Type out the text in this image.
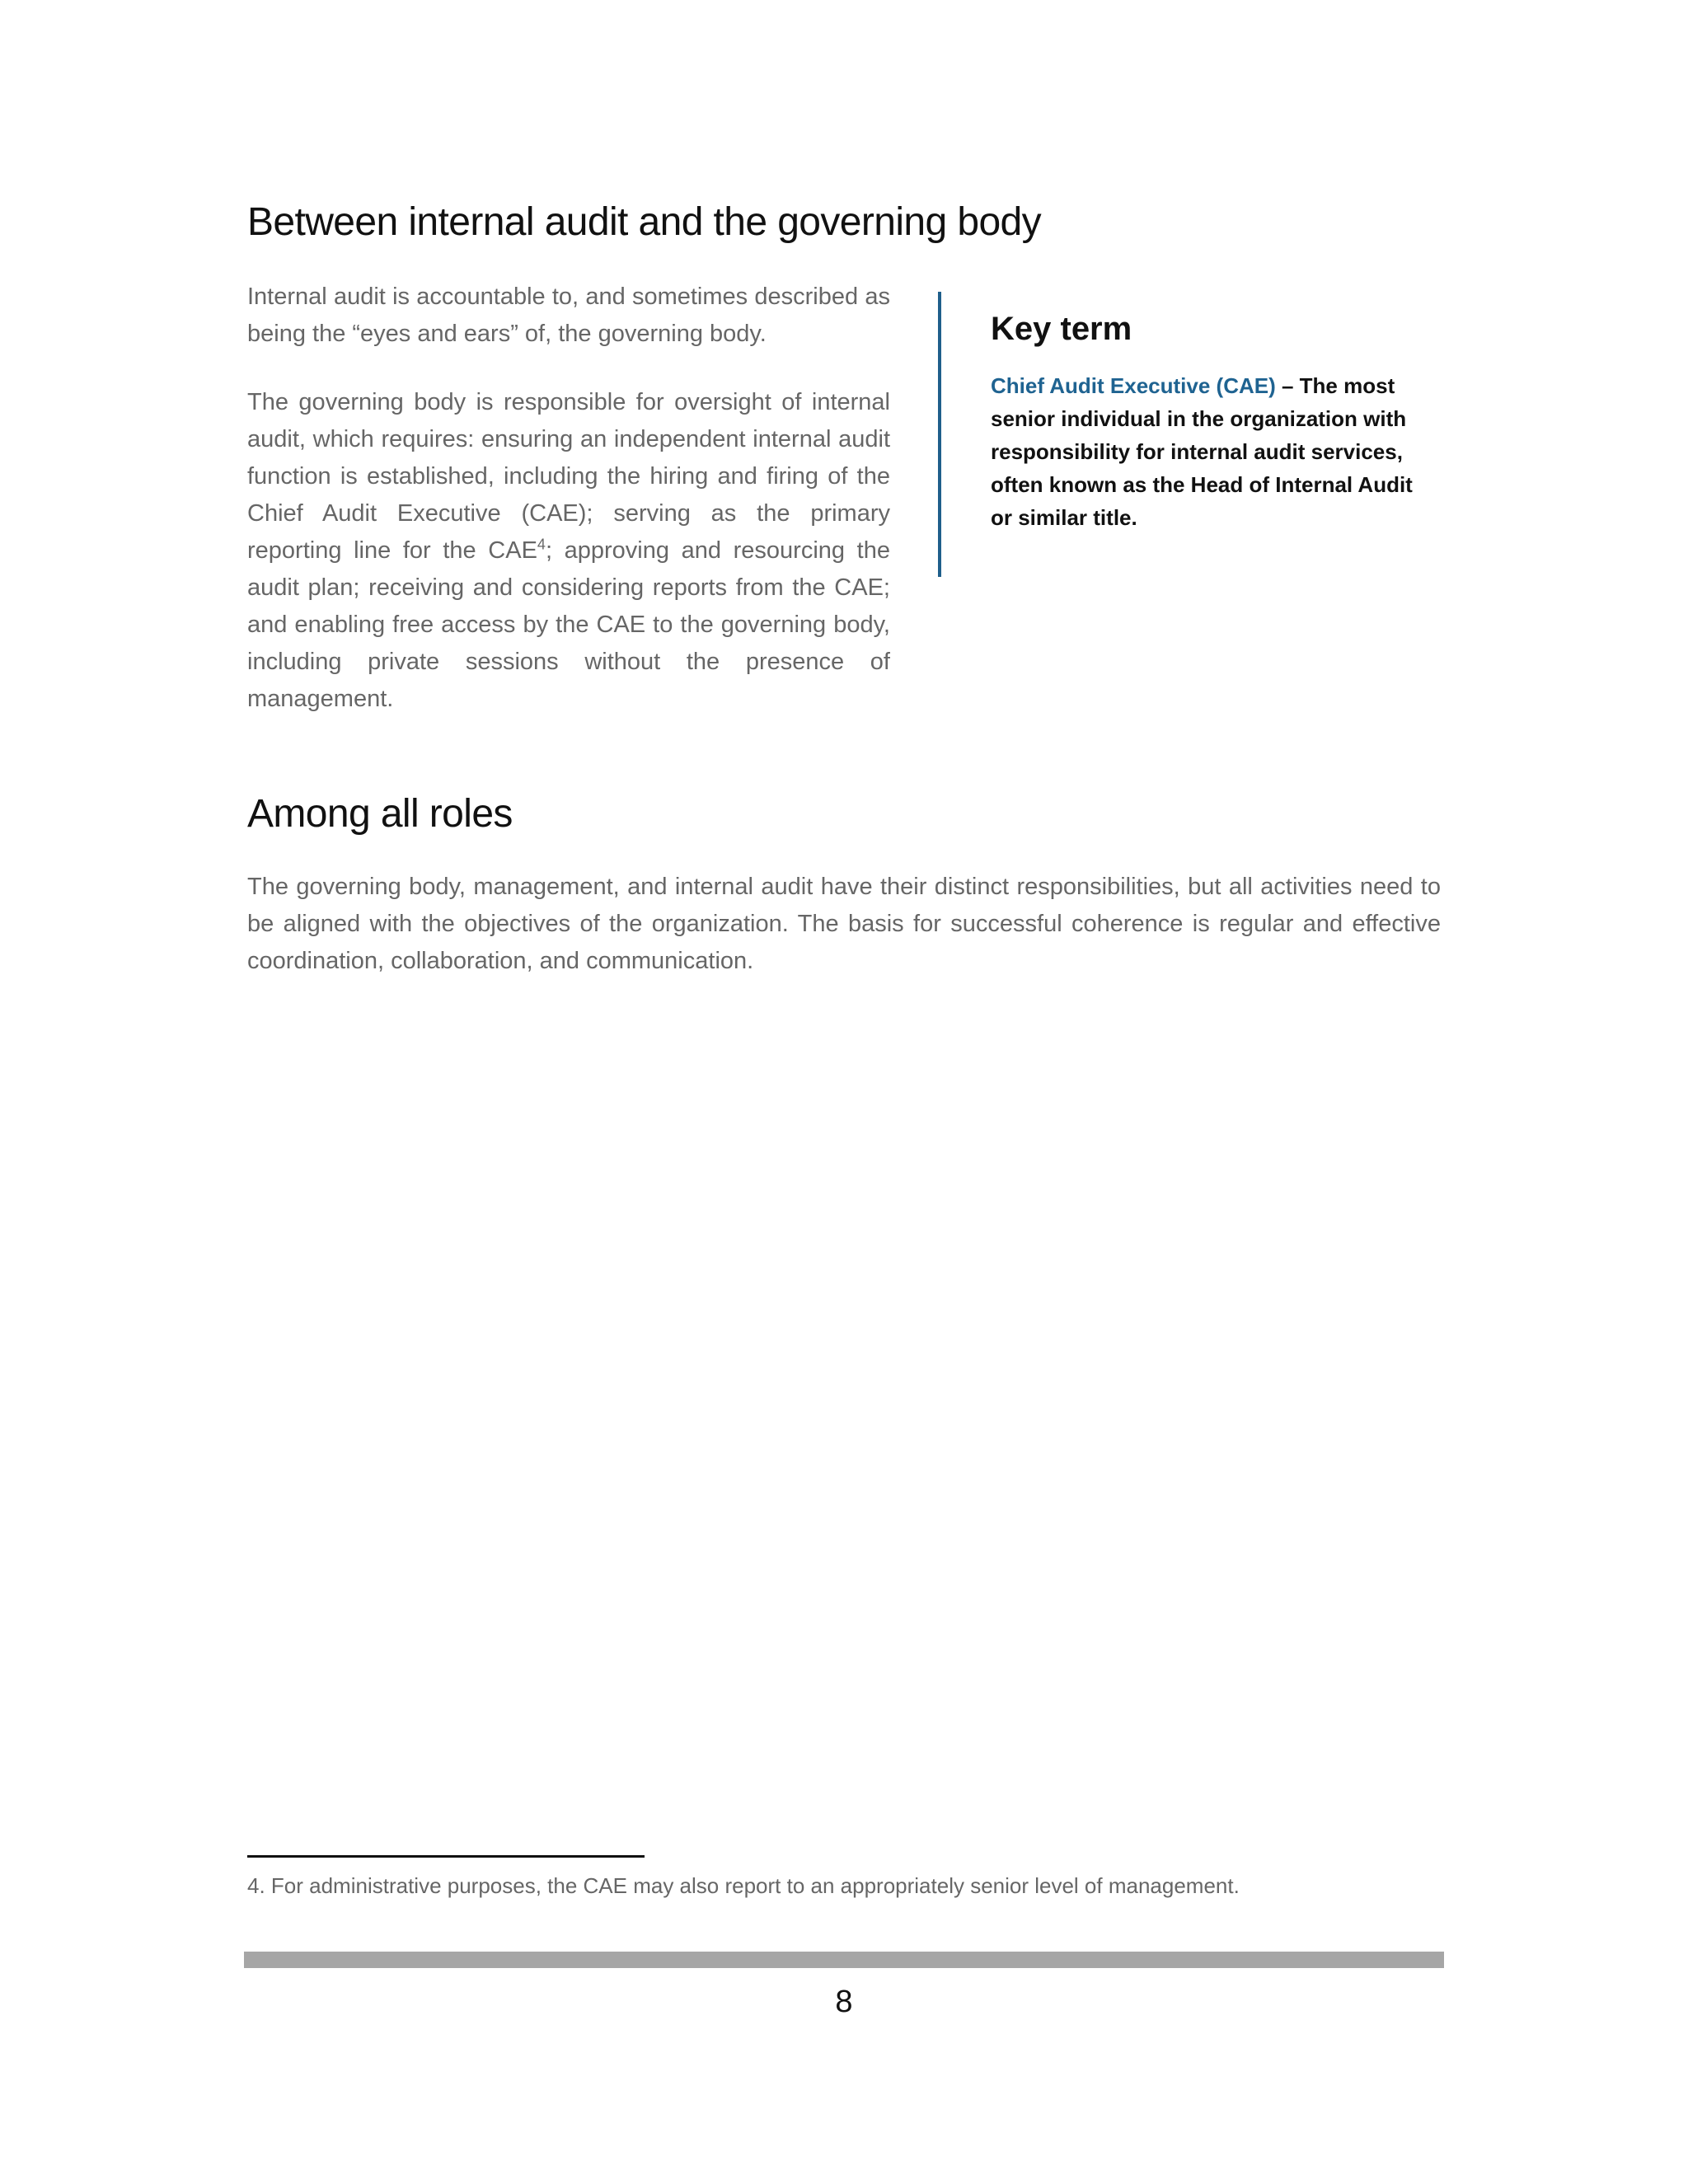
Between internal audit and the governing body

Internal audit is accountable to, and sometimes described as being the “eyes and ears” of, the governing body.

The governing body is responsible for oversight of internal audit, which requires: ensuring an independent internal audit function is established, including the hiring and firing of the Chief Audit Executive (CAE); serving as the primary reporting line for the CAE$^4$; approving and resourcing the audit plan; receiving and considering reports from the CAE; and enabling free access by the CAE to the governing body, including private sessions without the presence of management.

Key term

Chief Audit Executive (CAE) – The most senior individual in the organization with responsibility for internal audit services, often known as the Head of Internal Audit or similar title.

Among all roles

The governing body, management, and internal audit have their distinct responsibilities, but all activities need to be aligned with the objectives of the organization. The basis for successful coherence is regular and effective coordination, collaboration, and communication.

4. For administrative purposes, the CAE may also report to an appropriately senior level of management.

8
